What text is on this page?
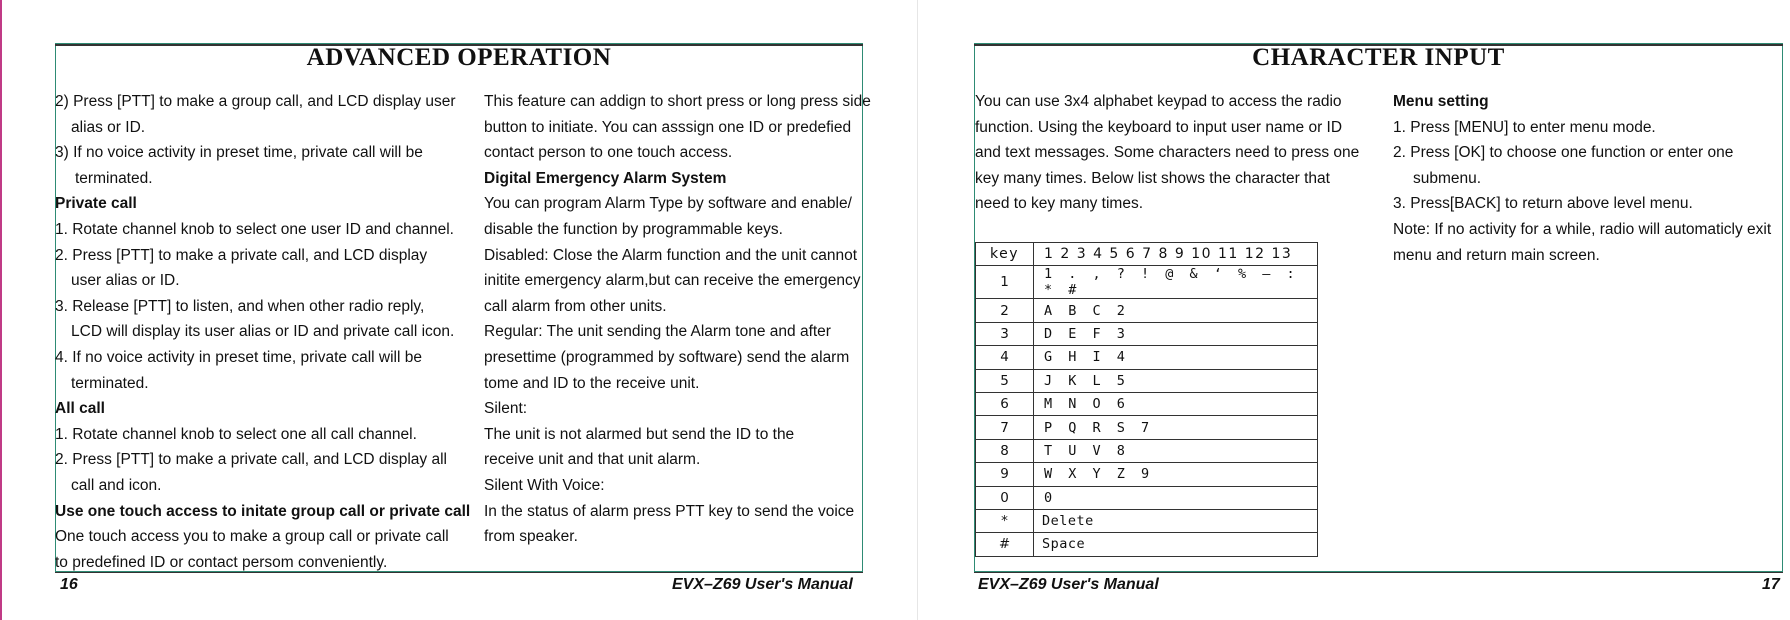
ADVANCED OPERATION

2) Press [PTT] to make a group call, and LCD display user

alias or ID.

3) If no voice activity in preset time, private call will be

terminated.

Private call

1. Rotate channel knob to select one user ID and channel.

2. Press [PTT] to make a private call, and LCD display

user alias or ID.

3. Release [PTT] to listen, and when other radio reply,

LCD will display its user alias or ID and private call icon.

4. If no voice activity in preset time, private call will be

terminated.

All call

1. Rotate channel knob to select one all call channel.

2. Press [PTT] to make a private call, and LCD display all

call and icon.

Use one touch access to initate group call or private call

One touch access you to make a group call or private call

to predefined ID or contact persom conveniently.

This feature can addign to short press or long press side

button to initiate. You can asssign one ID or predefied

contact person to one touch access.

Digital Emergency Alarm System

You can program Alarm Type by software and enable/

disable the function by programmable keys.

Disabled: Close the Alarm function and the unit cannot

initite emergency alarm,but can receive the emergency

call alarm from other units.

Regular: The unit sending the Alarm tone and after

presettime (programmed by software) send the alarm

tome and ID to the receive unit.

Silent:

The unit is not alarmed but send the ID to the

receive unit and that unit alarm.

Silent With Voice:

In the status of alarm press PTT key to send the voice

from speaker.

16	EVX–Z69 User's Manual
CHARACTER INPUT

You can use 3x4 alphabet keypad to access the radio

function. Using the keyboard to input user name or ID

and text messages. Some characters need to press one

key many times. Below list shows the character that

need to key many times.

key	1 2 3 4 5 6 7 8 9 10 11 12 13
1	1 . , ? ! @ & ‘ % – : * #
2	A B C 2
3	D E F 3
4	G H I 4
5	J K L 5
6	M N O 6
7	P Q R S 7
8	T U V 8
9	W X Y Z 9
0	0
*	Delete
#	Space

Menu setting

1. Press [MENU] to enter menu mode.

2. Press [OK] to choose one function or enter one

submenu.

3. Press[BACK] to return above level menu.

Note: If no activity for a while, radio will automaticly exit

menu and return main screen.

EVX–Z69 User's Manual	17
